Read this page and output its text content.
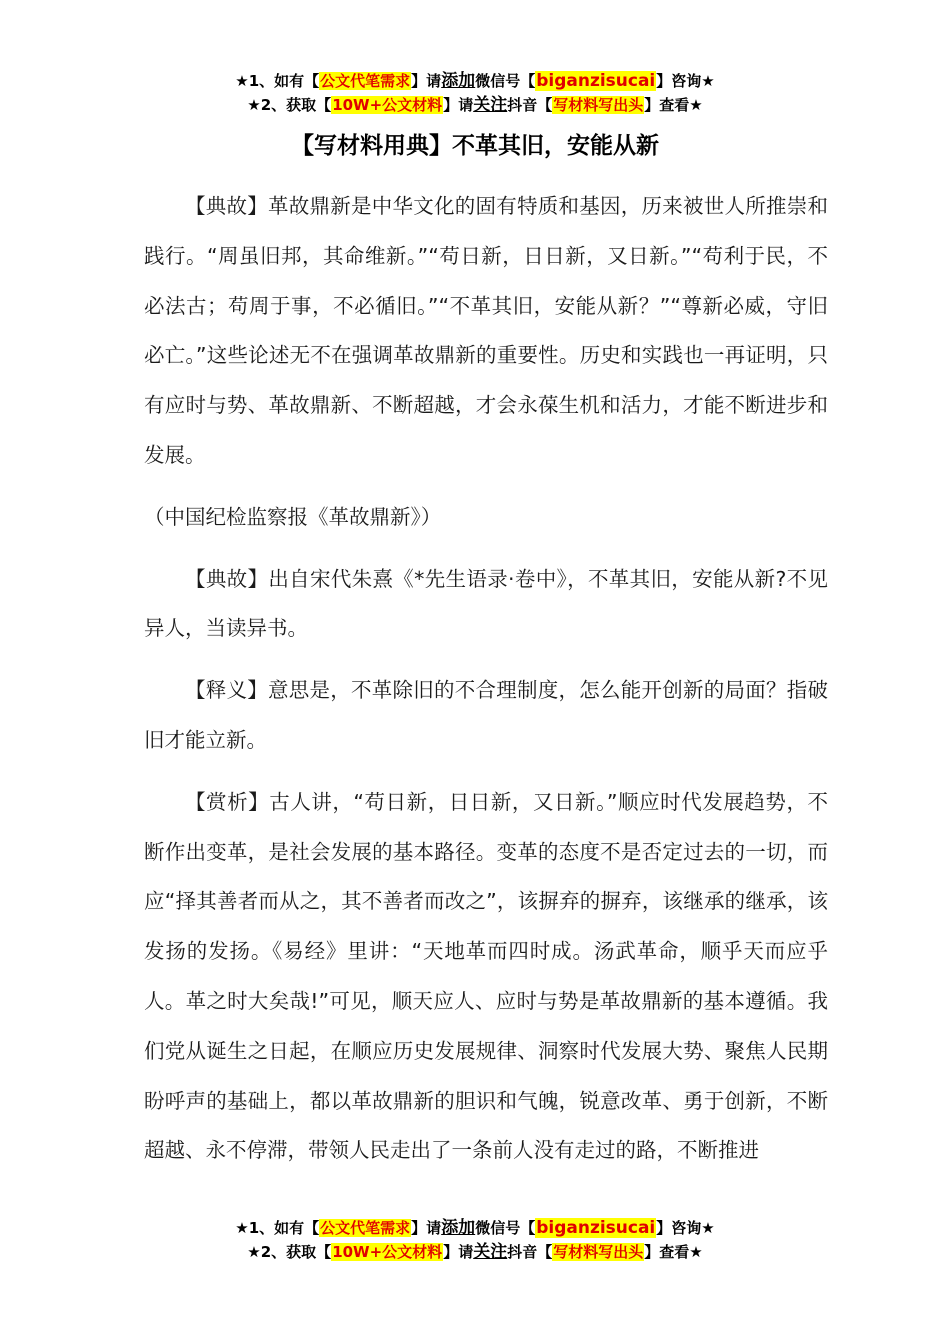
★1、如有【公文代笔需求】请添加微信号【biganzisucai】咨询★
★2、获取【10W+公文材料】请关注抖音【写材料写出头】查看★
【写材料用典】不革其旧，安能从新

【典故】革故鼎新是中华文化的固有特质和基因，历来被世人所推崇和践行。“周虽旧邦，其命维新。”“苟日新，日日新，又日新。”“苟利于民，不必法古；苟周于事，不必循旧。”“不革其旧，安能从新？”“尊新必威，守旧必亡。”这些论述无不在强调革故鼎新的重要性。历史和实践也一再证明，只有应时与势、革故鼎新、不断超越，才会永葆生机和活力，才能不断进步和发展。

（中国纪检监察报《革故鼎新》）

【典故】出自宋代朱熹《*先生语录·卷中》，不革其旧，安能从新?不见异人，当读异书。

【释义】意思是，不革除旧的不合理制度，怎么能开创新的局面？指破旧才能立新。

【赏析】古人讲，“苟日新，日日新，又日新。”顺应时代发展趋势，不断作出变革，是社会发展的基本路径。变革的态度不是否定过去的一切，而应“择其善者而从之，其不善者而改之”，该摒弃的摒弃，该继承的继承，该发扬的发扬。《易经》里讲：“天地革而四时成。汤武革命，顺乎天而应乎人。革之时大矣哉!”可见，顺天应人、应时与势是革故鼎新的基本遵循。我们党从诞生之日起，在顺应历史发展规律、洞察时代发展大势、聚焦人民期盼呼声的基础上，都以革故鼎新的胆识和气魄，锐意改革、勇于创新，不断超越、永不停滞，带领人民走出了一条前人没有走过的路，不断推进

★1、如有【公文代笔需求】请添加微信号【biganzisucai】咨询★
★2、获取【10W+公文材料】请关注抖音【写材料写出头】查看★
